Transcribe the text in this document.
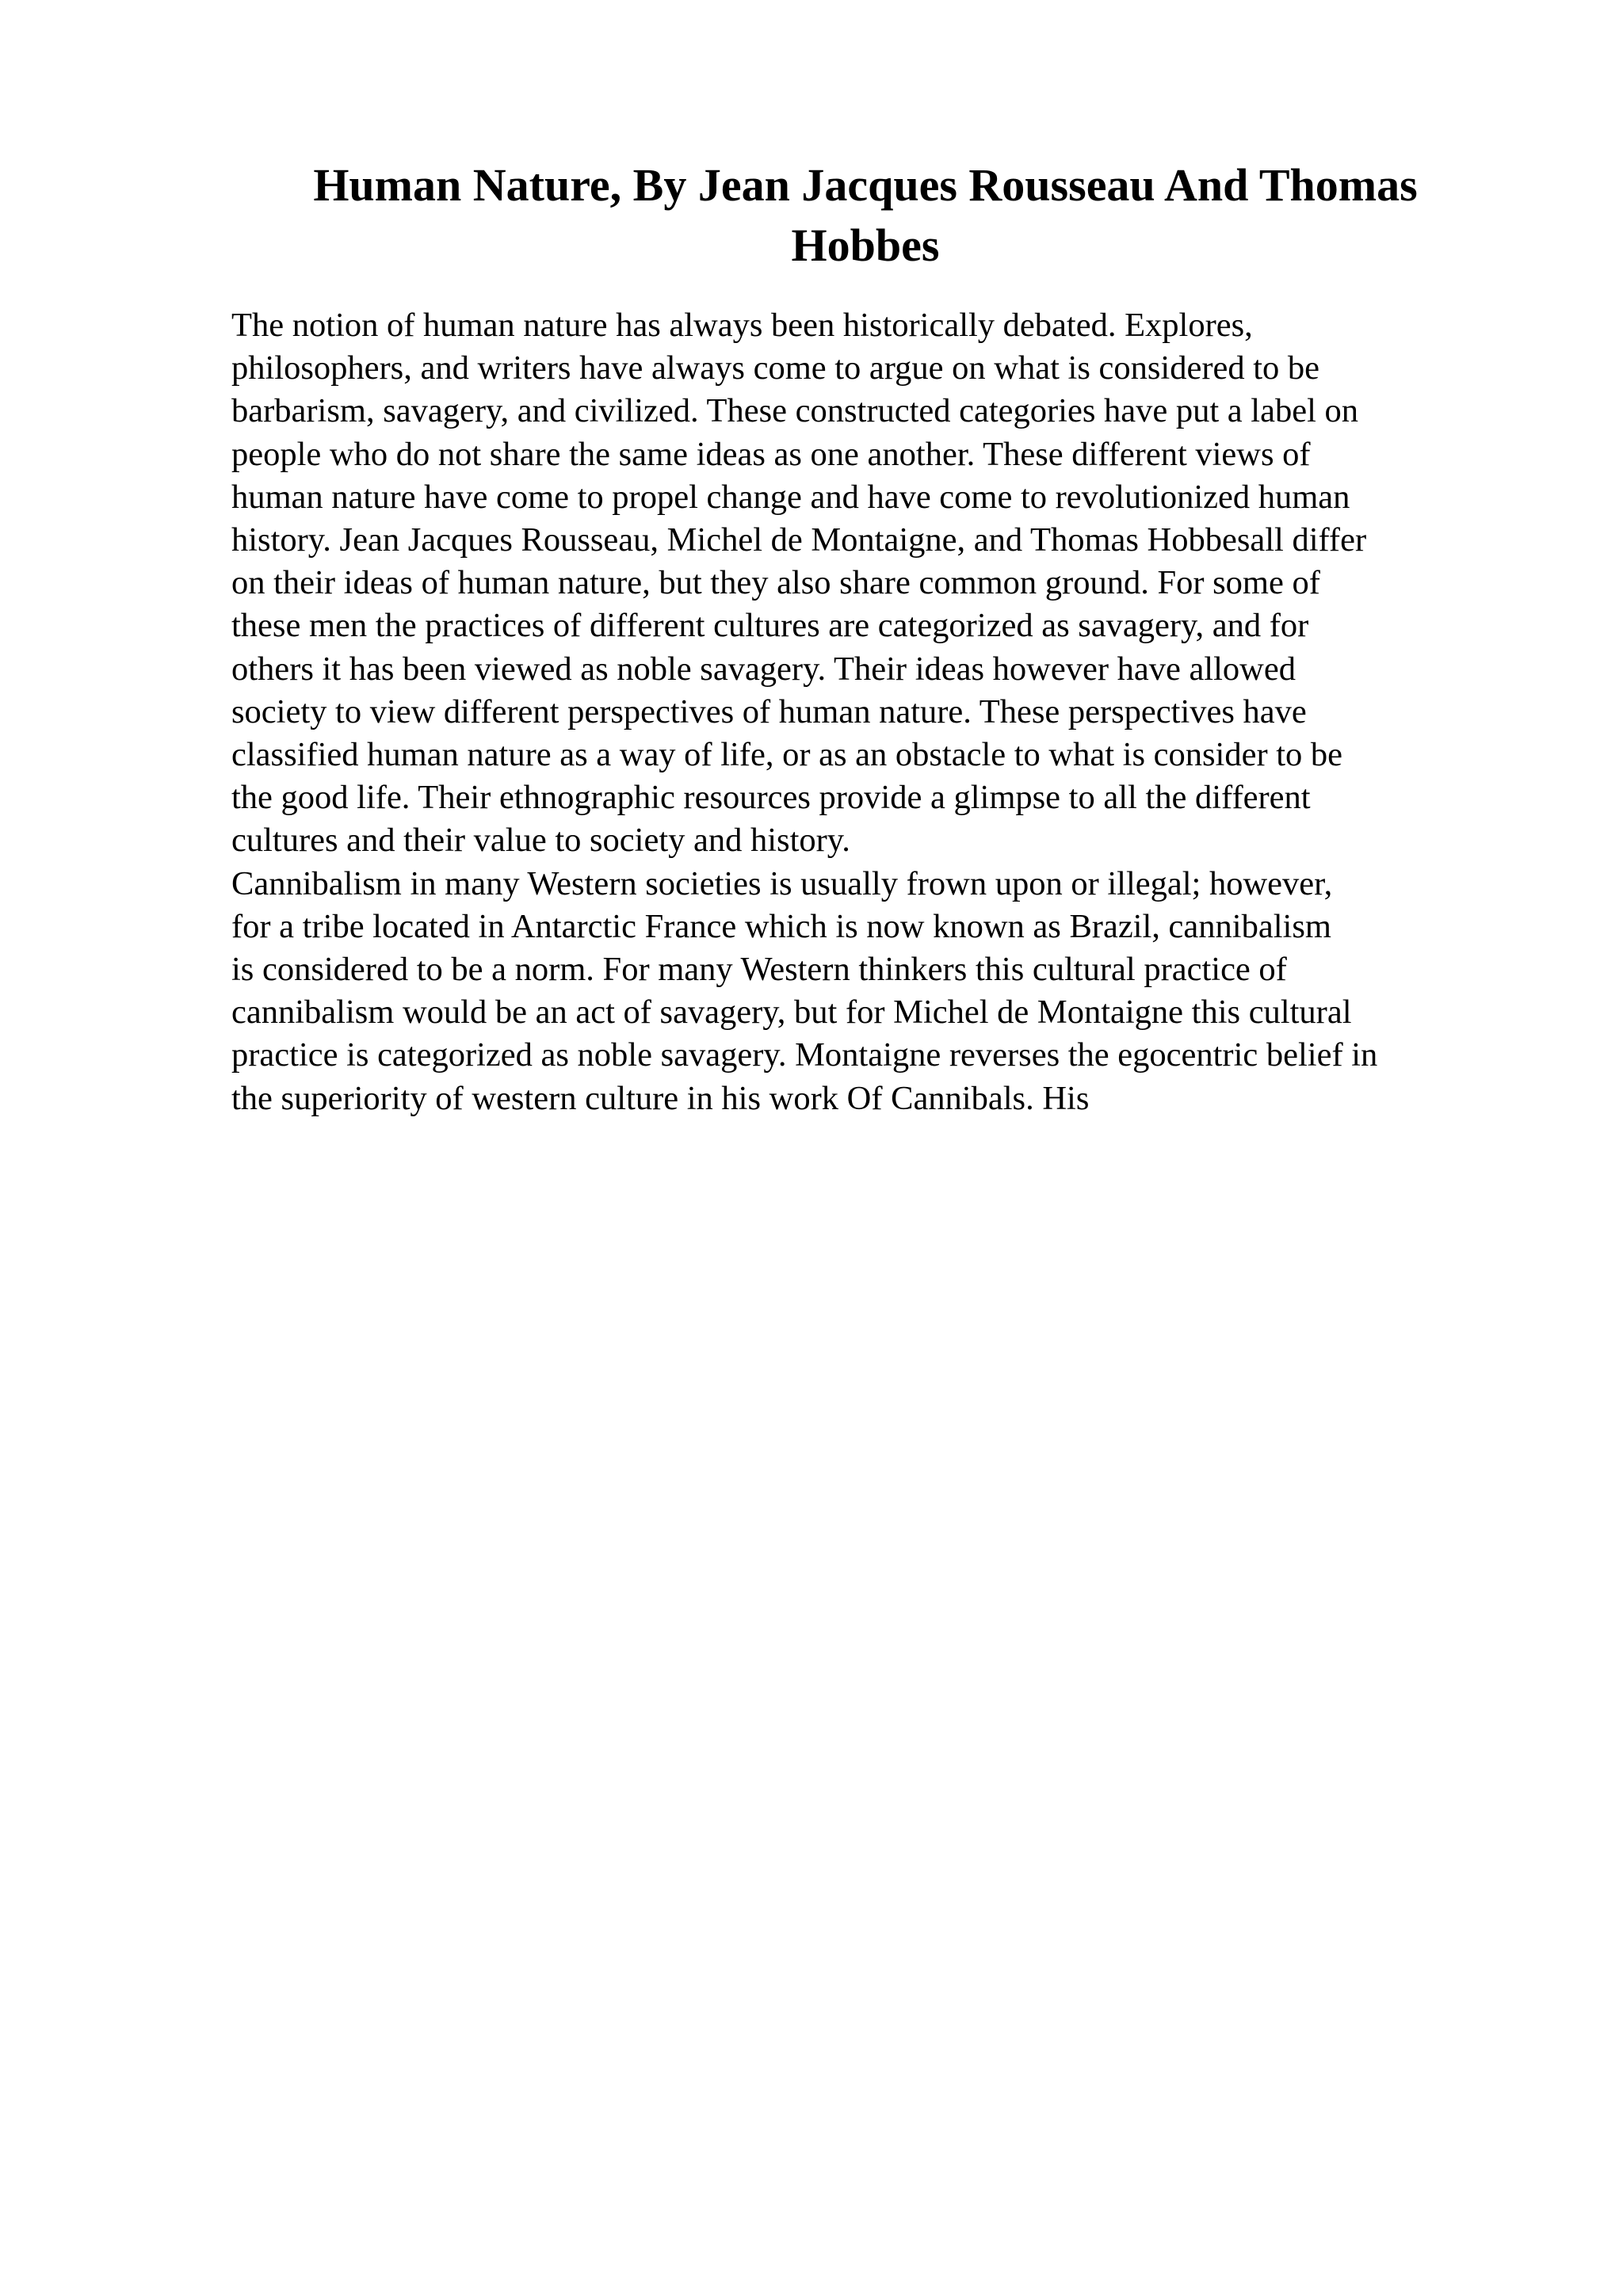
Human Nature, By Jean Jacques Rousseau And Thomas
Hobbes
The notion of human nature has always been historically debated. Explores,
philosophers, and writers have always come to argue on what is considered to be
barbarism, savagery, and civilized. These constructed categories have put a label on
people who do not share the same ideas as one another. These different views of
human nature have come to propel change and have come to revolutionized human
history. Jean Jacques Rousseau, Michel de Montaigne, and Thomas Hobbesall differ
on their ideas of human nature, but they also share common ground. For some of
these men the practices of different cultures are categorized as savagery, and for
others it has been viewed as noble savagery. Their ideas however have allowed
society to view different perspectives of human nature. These perspectives have
classified human nature as a way of life, or as an obstacle to what is consider to be
the good life. Their ethnographic resources provide a glimpse to all the different
cultures and their value to society and history.
Cannibalism in many Western societies is usually frown upon or illegal; however,
for a tribe located in Antarctic France which is now known as Brazil, cannibalism
is considered to be a norm. For many Western thinkers this cultural practice of
cannibalism would be an act of savagery, but for Michel de Montaigne this cultural
practice is categorized as noble savagery. Montaigne reverses the egocentric belief in
the superiority of western culture in his work Of Cannibals. His
